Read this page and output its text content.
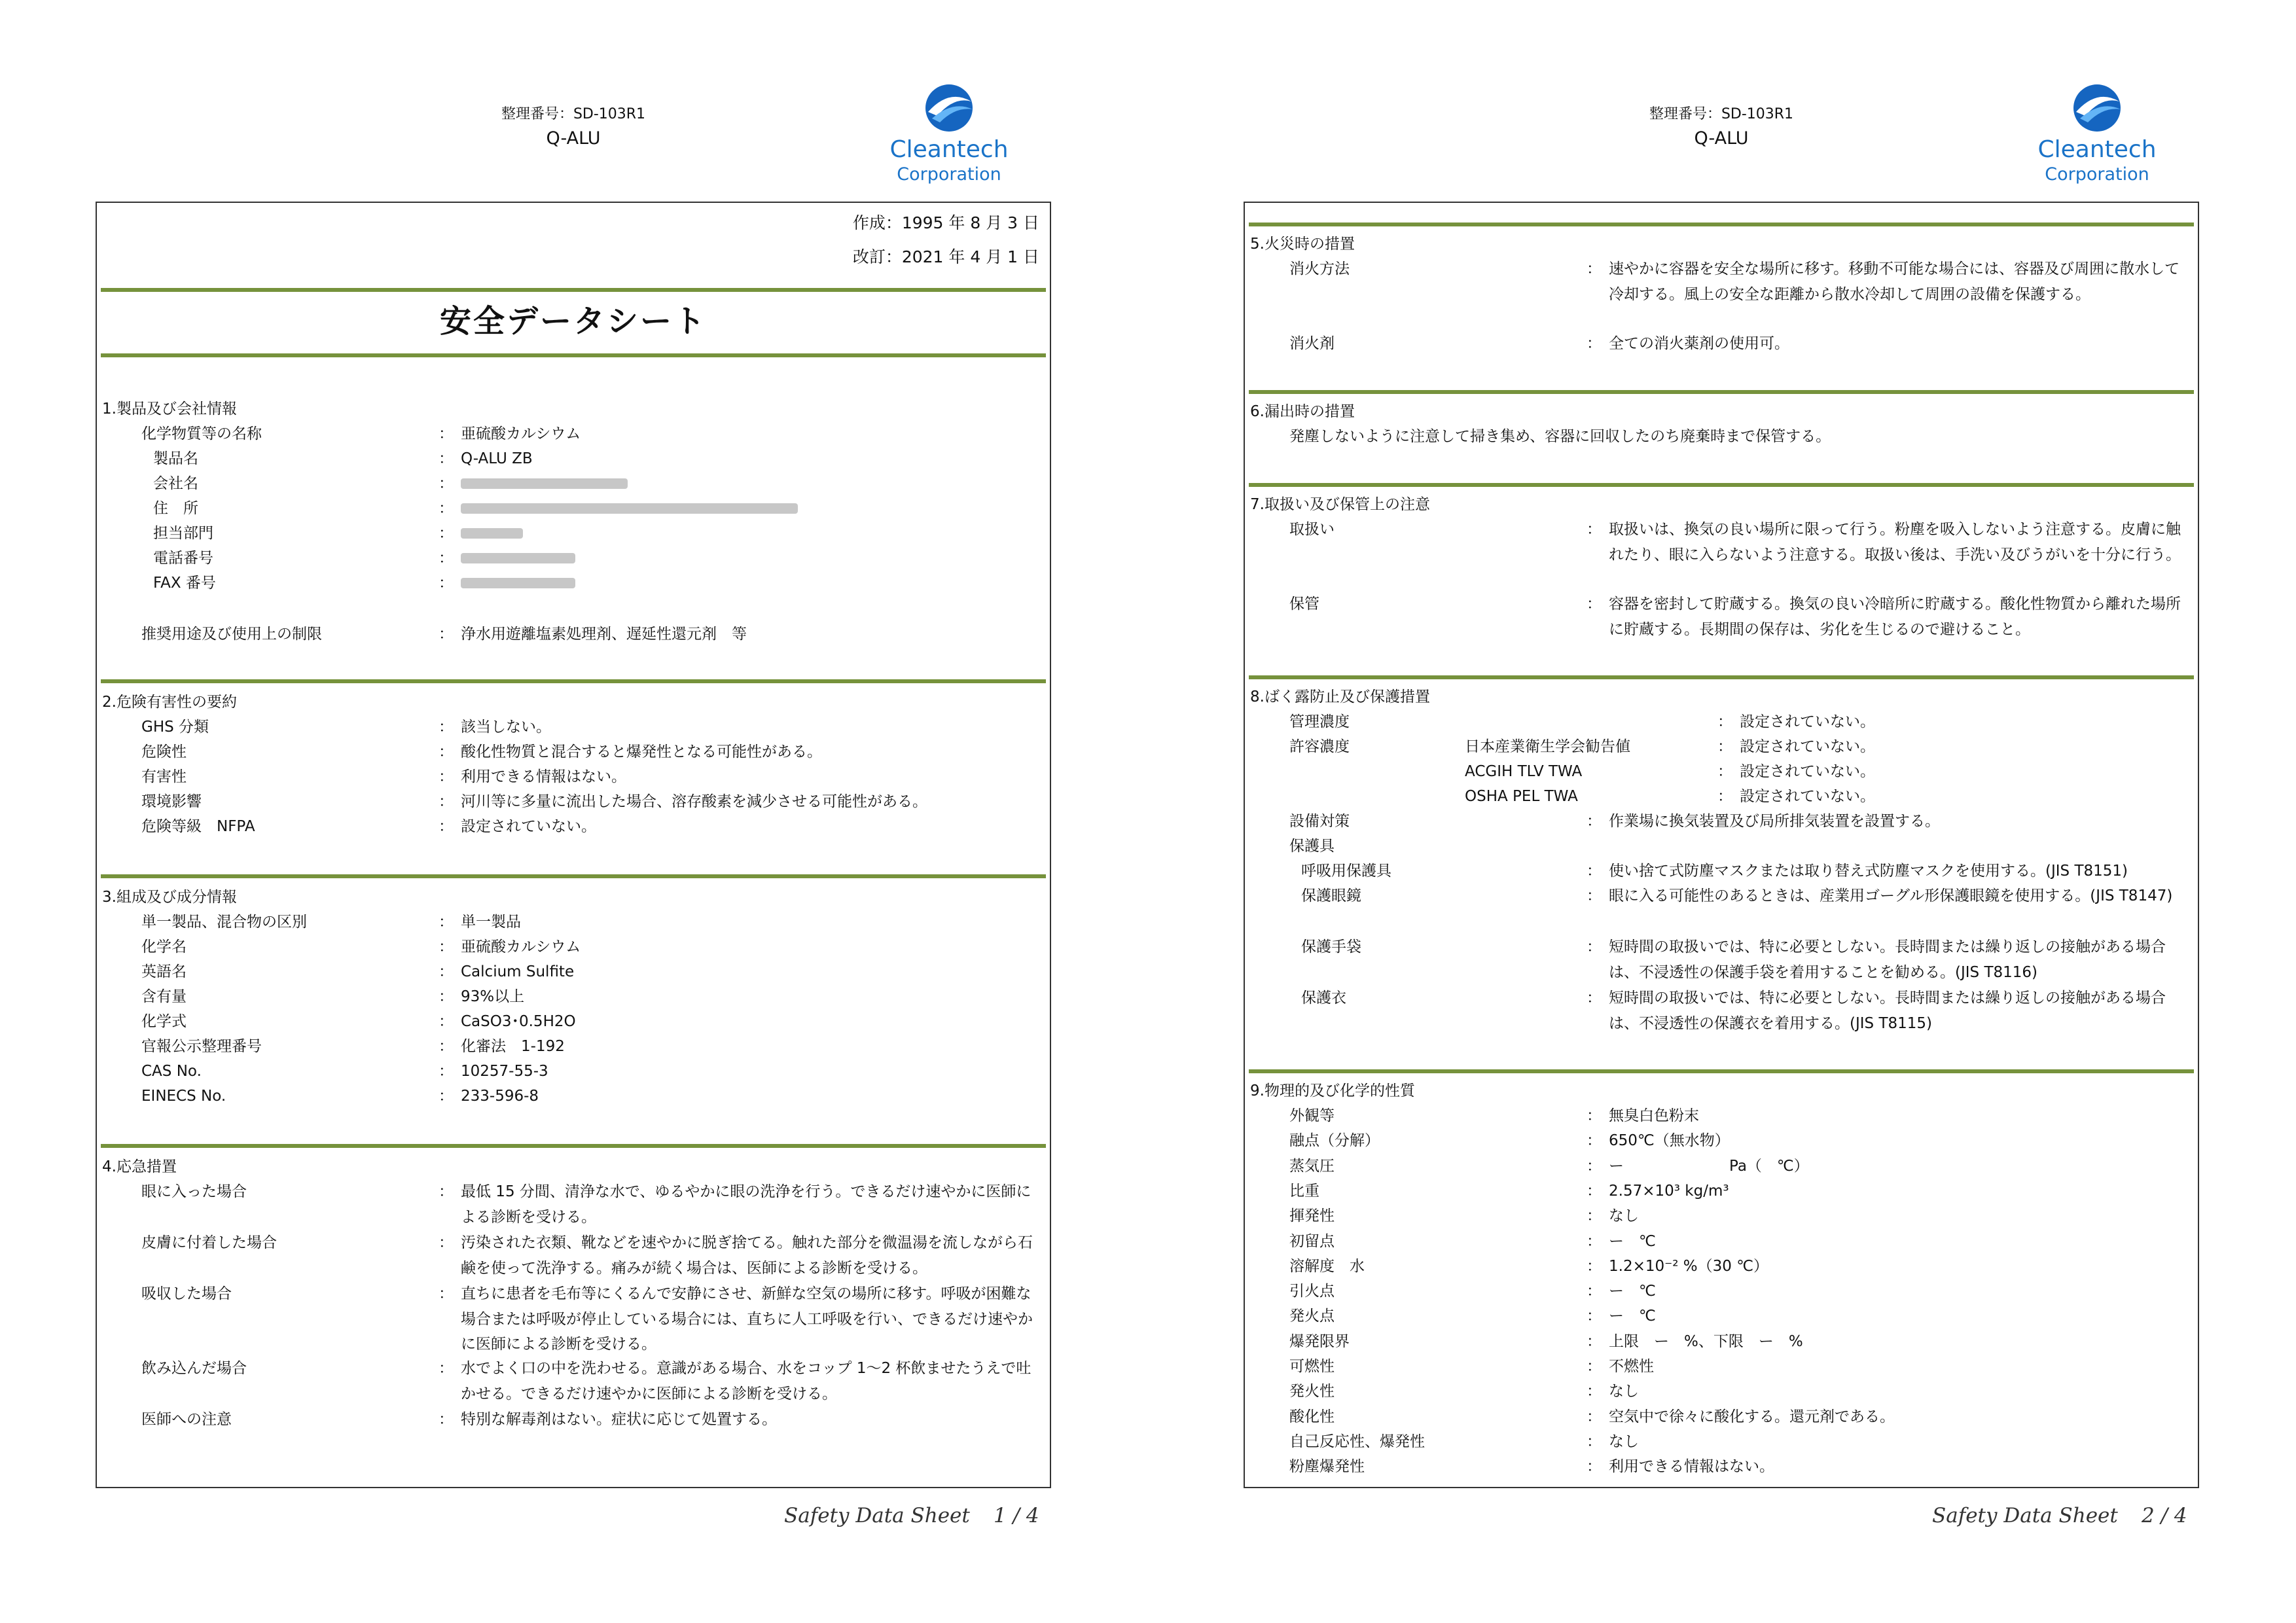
整理番号：SD-103R1
Q-ALU	Cleantech
Corporation
作成：1995 年 8 月 3 日
改訂：2021 年 4 月 1 日
安全データシート
1.製品及び会社情報
化学物質等の名称	： 亜硫酸カルシウム
製品名	： Q-ALU ZB
会社名	：
住　所	：
担当部門	：
電話番号	：
FAX 番号	：
推奨用途及び使用上の制限	： 浄水用遊離塩素処理剤、遅延性還元剤　等
2.危険有害性の要約
GHS 分類	： 該当しない。
危険性	： 酸化性物質と混合すると爆発性となる可能性がある。
有害性	： 利用できる情報はない。
環境影響	： 河川等に多量に流出した場合、溶存酸素を減少させる可能性がある。
危険等級　NFPA	： 設定されていない。
3.組成及び成分情報
単一製品、混合物の区別	： 単一製品
化学名	： 亜硫酸カルシウム
英語名	： Calcium Sulfite
含有量	： 93%以上
化学式	： CaSO3･0.5H2O
官報公示整理番号	： 化審法　1-192
CAS No.	： 10257-55-3
EINECS No.	： 233-596-8
4.応急措置
眼に入った場合	： 最低 15 分間、清浄な水で、ゆるやかに眼の洗浄を行う。できるだけ速やかに医師による診断を受ける。
皮膚に付着した場合	： 汚染された衣類、靴などを速やかに脱ぎ捨てる。触れた部分を微温湯を流しながら石鹸を使って洗浄する。痛みが続く場合は、医師による診断を受ける。
吸収した場合	： 直ちに患者を毛布等にくるんで安静にさせ、新鮮な空気の場所に移す。呼吸が困難な場合または呼吸が停止している場合には、直ちに人工呼吸を行い、できるだけ速やかに医師による診断を受ける。
飲み込んだ場合	： 水でよく口の中を洗わせる。意識がある場合、水をコップ 1～2 杯飲ませたうえで吐かせる。できるだけ速やかに医師による診断を受ける。
医師への注意	： 特別な解毒剤はない。症状に応じて処置する。
Safety Data Sheet 1 / 4
整理番号：SD-103R1
Q-ALU	Cleantech
Corporation
5.火災時の措置
消火方法	： 速やかに容器を安全な場所に移す。移動不可能な場合には、容器及び周囲に散水して冷却する。風上の安全な距離から散水冷却して周囲の設備を保護する。
消火剤	： 全ての消火薬剤の使用可。
6.漏出時の措置
発塵しないように注意して掃き集め、容器に回収したのち廃棄時まで保管する。
7.取扱い及び保管上の注意
取扱い	： 取扱いは、換気の良い場所に限って行う。粉塵を吸入しないよう注意する。皮膚に触れたり、眼に入らないよう注意する。取扱い後は、手洗い及びうがいを十分に行う。
保管	： 容器を密封して貯蔵する。換気の良い冷暗所に貯蔵する。酸化性物質から離れた場所に貯蔵する。長期間の保存は、劣化を生じるので避けること。
8.ばく露防止及び保護措置
管理濃度	： 設定されていない。
許容濃度	日本産業衛生学会勧告値	： 設定されていない。
ACGIH TLV TWA	： 設定されていない。
OSHA PEL TWA	： 設定されていない。
設備対策	： 作業場に換気装置及び局所排気装置を設置する。
保護具
呼吸用保護具	： 使い捨て式防塵マスクまたは取り替え式防塵マスクを使用する。(JIS T8151)
保護眼鏡	： 眼に入る可能性のあるときは、産業用ゴーグル形保護眼鏡を使用する。(JIS T8147)
保護手袋	： 短時間の取扱いでは、特に必要としない。長時間または繰り返しの接触がある場合は、不浸透性の保護手袋を着用することを勧める。(JIS T8116)
保護衣	： 短時間の取扱いでは、特に必要としない。長時間または繰り返しの接触がある場合は、不浸透性の保護衣を着用する。(JIS T8115)
9.物理的及び化学的性質
外観等	： 無臭白色粉末
融点（分解）	： 650℃（無水物）
蒸気圧	： ー　　　　　　　Pa（　℃）
比重	： 2.57×10³ kg/m³
揮発性	： なし
初留点	： ー　℃
溶解度　水	： 1.2×10⁻² %（30 ℃）
引火点	： ー　℃
発火点	： ー　℃
爆発限界	： 上限　ー　%、下限　ー　%
可燃性	： 不燃性
発火性	： なし
酸化性	： 空気中で徐々に酸化する。還元剤である。
自己反応性、爆発性	： なし
粉塵爆発性	： 利用できる情報はない。
Safety Data Sheet 2 / 4
